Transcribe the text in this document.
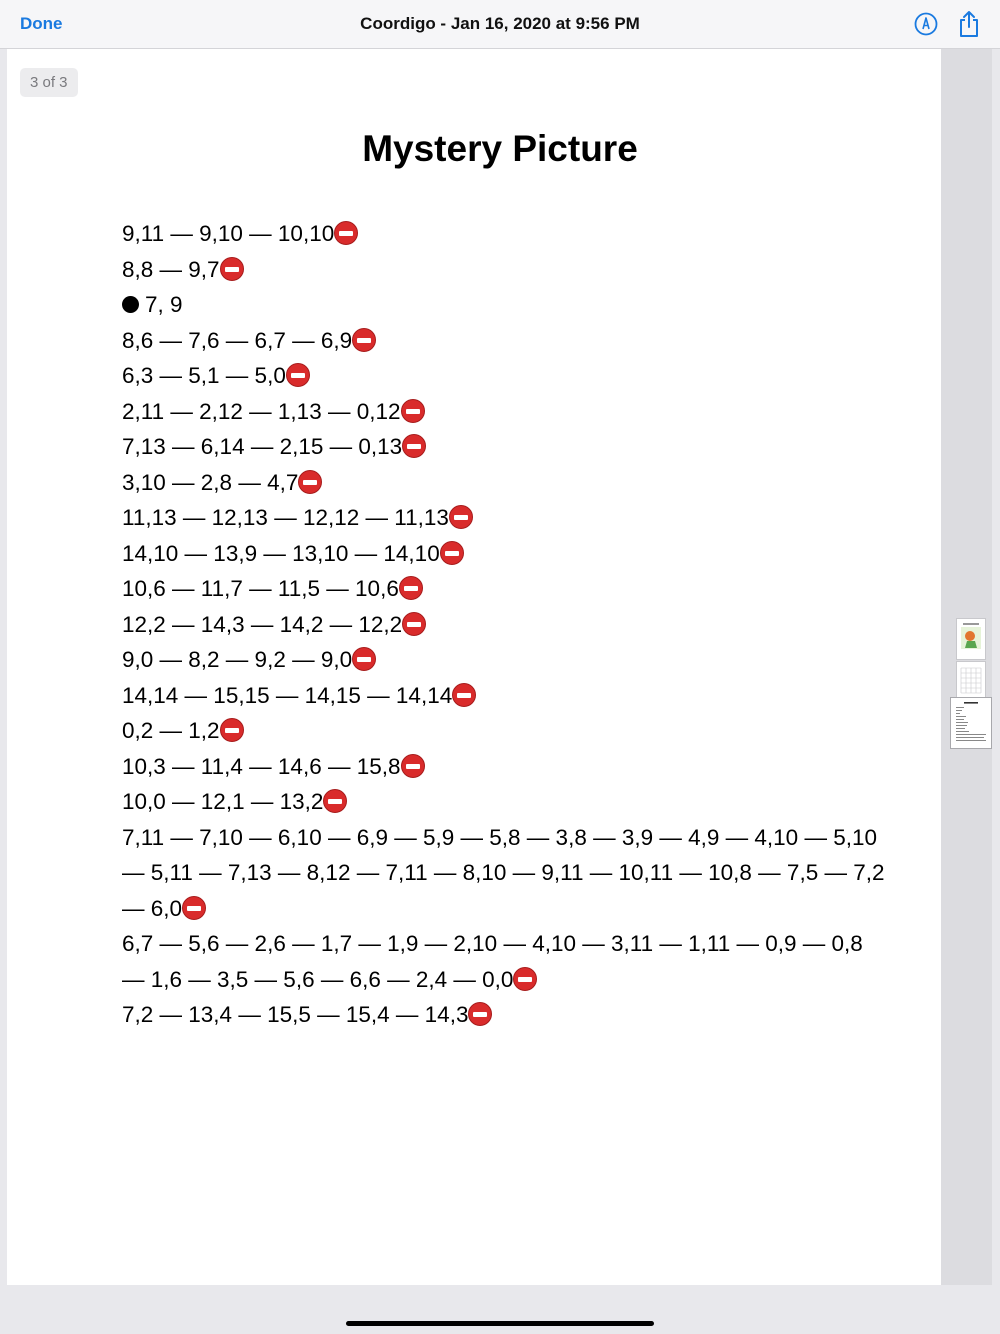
Done	Coordigo - Jan 16, 2020 at 9:56 PM
3 of 3
Mystery Picture
9,11 — 9,10 — 10,10
8,8 — 9,7
7, 9
8,6 — 7,6 — 6,7 — 6,9
6,3 — 5,1 — 5,0
2,11 — 2,12 — 1,13 — 0,12
7,13 — 6,14 — 2,15 — 0,13
3,10 — 2,8 — 4,7
11,13 — 12,13 — 12,12 — 11,13
14,10 — 13,9 — 13,10 — 14,10
10,6 — 11,7 — 11,5 — 10,6
12,2 — 14,3 — 14,2 — 12,2
9,0 — 8,2 — 9,2 — 9,0
14,14 — 15,15 — 14,15 — 14,14
0,2 — 1,2
10,3 — 11,4 — 14,6 — 15,8
10,0 — 12,1 — 13,2
7,11 — 7,10 — 6,10 — 6,9 — 5,9 — 5,8 — 3,8 — 3,9 — 4,9 — 4,10 — 5,10
— 5,11 — 7,13 — 8,12 — 7,11 — 8,10 — 9,11 — 10,11 — 10,8 — 7,5 — 7,2
— 6,0
6,7 — 5,6 — 2,6 — 1,7 — 1,9 — 2,10 — 4,10 — 3,11 — 1,11 — 0,9 — 0,8
— 1,6 — 3,5 — 5,6 — 6,6 — 2,4 — 0,0
7,2 — 13,4 — 15,5 — 15,4 — 14,3
